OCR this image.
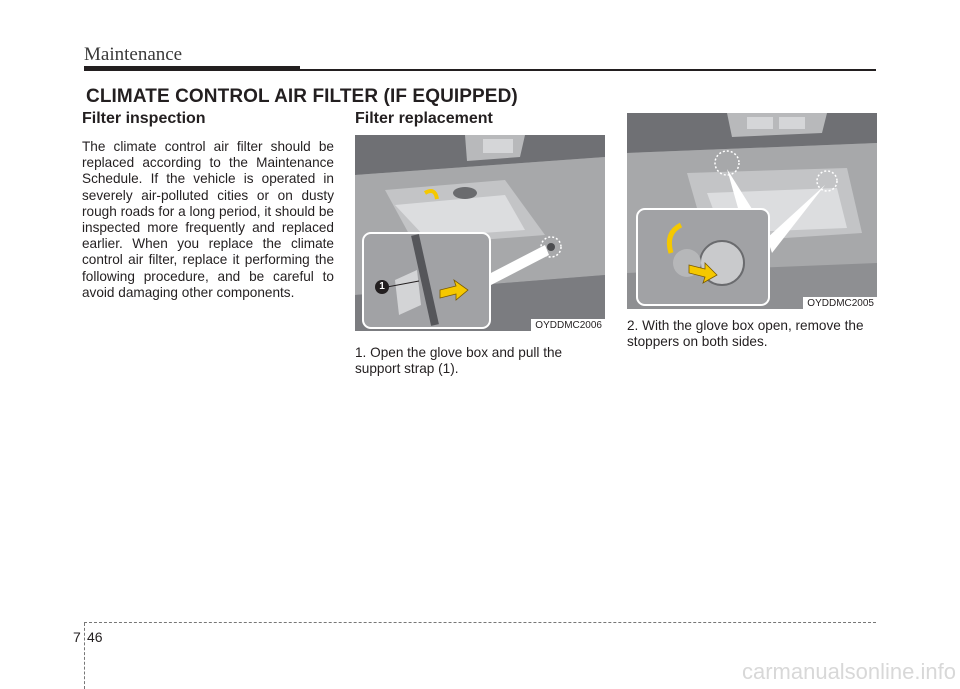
Maintenance
CLIMATE CONTROL AIR FILTER (IF EQUIPPED)
Filter inspection
The climate control air filter should be replaced according to the Maintenance Schedule. If the vehicle is operated in severely air-polluted cities or on dusty rough roads for a long period, it should be inspected more frequently and replaced earlier. When you replace the climate control air filter, replace it performing the following procedure, and be careful to avoid damaging other components.
Filter replacement
1
OYDDMC2006
1. Open the glove box and pull the support strap (1).
OYDDMC2005
2. With the glove box open, remove the stoppers on both sides.
7 46
carmanualsonline.info
